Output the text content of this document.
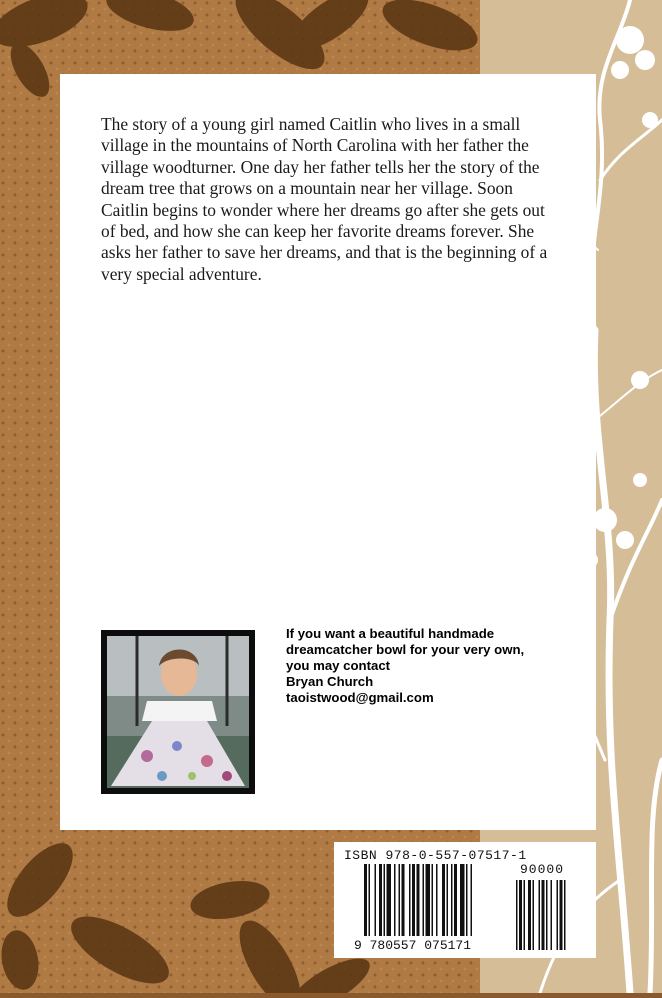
The story of a young girl named Caitlin who lives in a small village in the mountains of North Carolina with her father the village woodturner. One day her father tells her the story of the dream tree that grows on a mountain near her village. Soon Caitlin begins to wonder where her dreams go after she gets out of bed, and how she can keep her favorite dreams forever. She asks her father to save her dreams, and that is the beginning of a very special adventure.

If you want a beautiful handmade
dreamcatcher bowl for your very own,
you may contact
Bryan Church
taoistwood@gmail.com
ISBN 978-0-557-07517-1
90000
9 780557 075171
